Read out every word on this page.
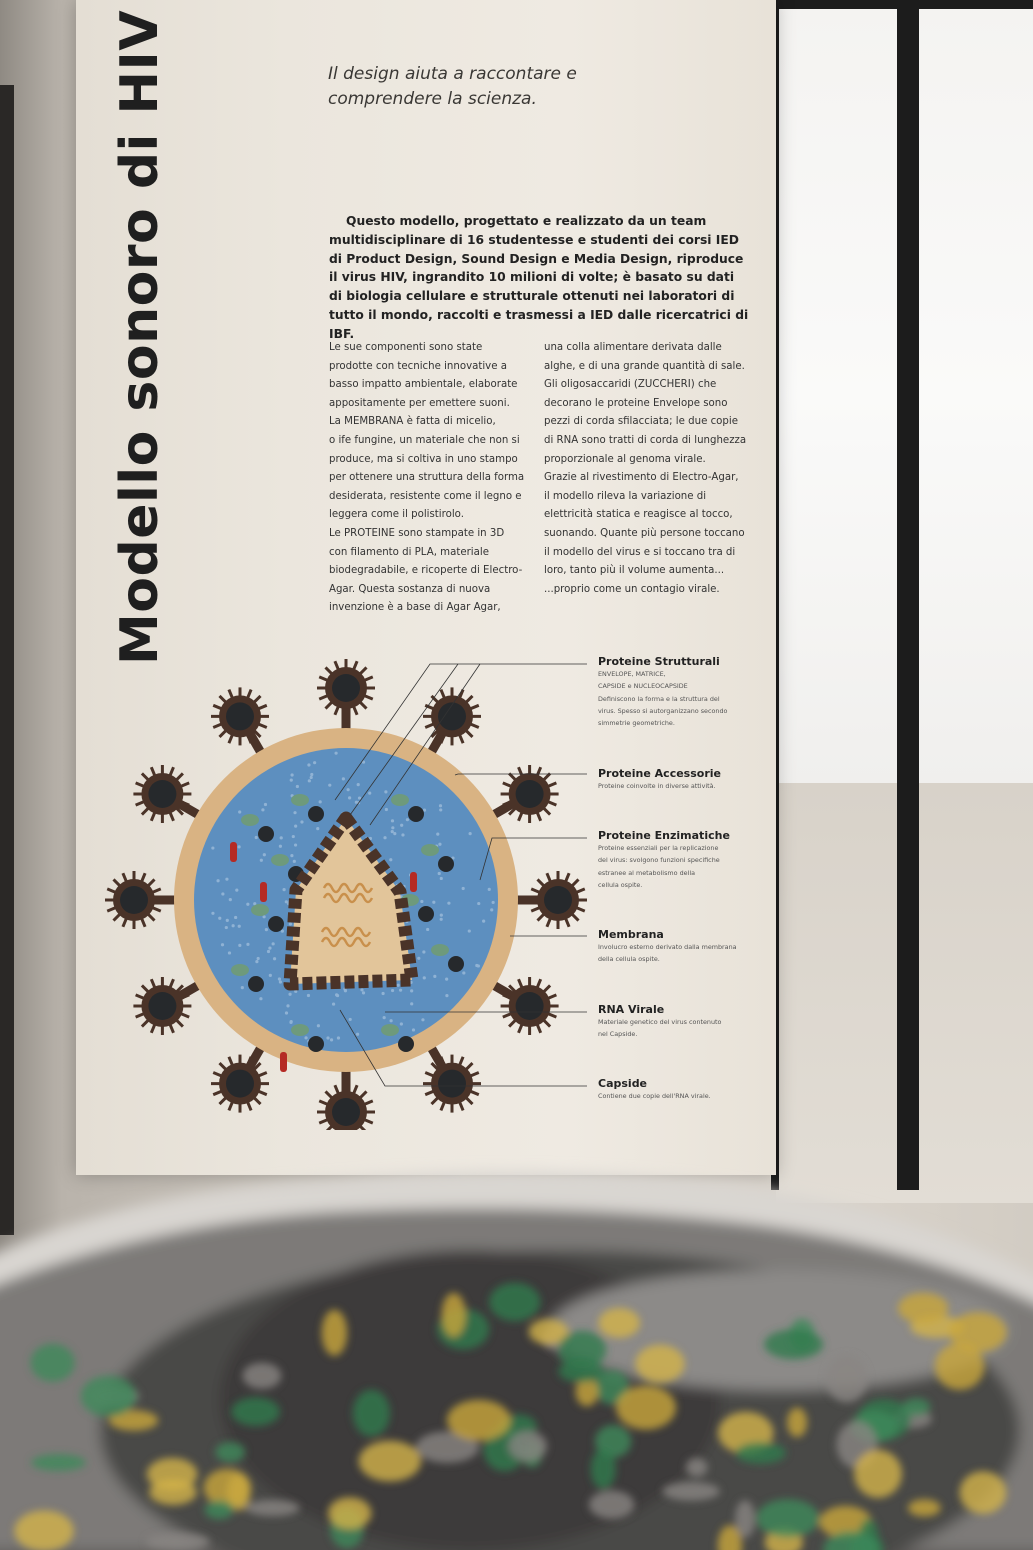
Modello sonoro di HIV	Il design aiuta a raccontare e
comprendere la scienza.
Questo modello, progettato e realizzato da un team multidisciplinare di 16 studentesse e studenti dei corsi IED di Product Design, Sound Design e Media Design, riproduce il virus HIV, ingrandito 10 milioni di volte; è basato su dati di biologia cellulare e strutturale ottenuti nei laboratori di tutto il mondo, raccolti e trasmessi a IED dalle ricercatrici di IBF.

Le sue componenti sono state

prodotte con tecniche innovative a

basso impatto ambientale, elaborate

appositamente per emettere suoni.

La MEMBRANA è fatta di micelio,

o ife fungine, un materiale che non si

produce, ma si coltiva in uno stampo

per ottenere una struttura della forma

desiderata, resistente come il legno e

leggera come il polistirolo.

Le PROTEINE sono stampate in 3D

con filamento di PLA, materiale

biodegradabile, e ricoperte di Electro-

Agar. Questa sostanza di nuova

invenzione è a base di Agar Agar,

una colla alimentare derivata dalle

alghe, e di una grande quantità di sale.

Gli oligosaccaridi (ZUCCHERI) che

decorano le proteine Envelope sono

pezzi di corda sfilacciata; le due copie

di RNA sono tratti di corda di lunghezza

proporzionale al genoma virale.

Grazie al rivestimento di Electro-Agar,

il modello rileva la variazione di

elettricità statica e reagisce al tocco,

suonando. Quante più persone toccano

il modello del virus e si toccano tra di

loro, tanto più il volume aumenta...

...proprio come un contagio virale.

Proteine Strutturali
ENVELOPE, MATRICE,
CAPSIDE e NUCLEOCAPSIDE
Definiscono la forma e la struttura del
virus. Spesso si autorganizzano secondo
simmetrie geometriche.
Proteine Accessorie
Proteine coinvolte in diverse attività.
Proteine Enzimatiche
Proteine essenziali per la replicazione
del virus: svolgono funzioni specifiche
estranee al metabolismo della
cellula ospite.
Membrana
Involucro esterno derivato dalla membrana
della cellula ospite.
RNA Virale
Materiale genetico del virus contenuto
nel Capside.
Capside
Contiene due copie dell'RNA virale.
